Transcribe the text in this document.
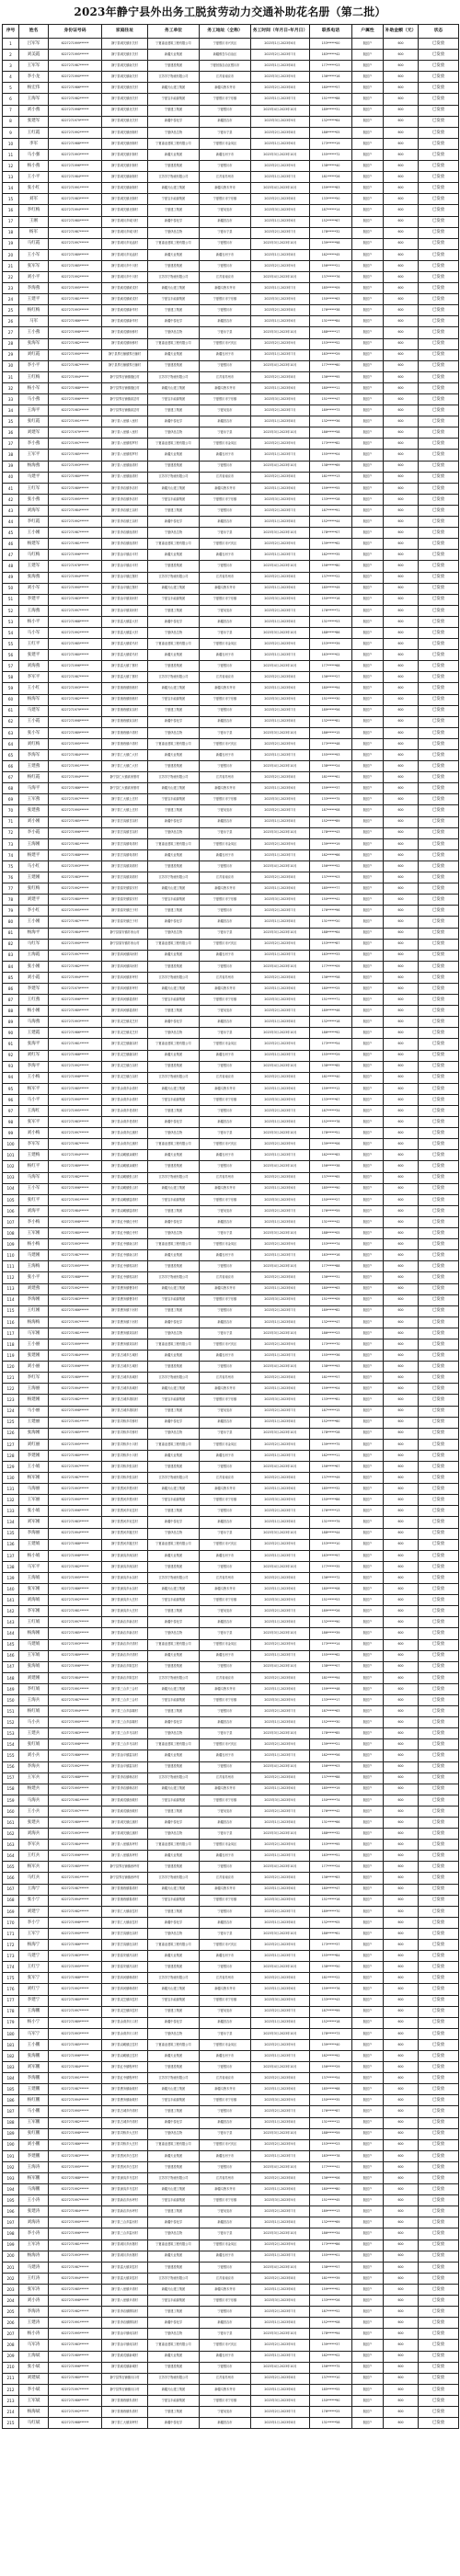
2023年静宁县外出务工脱贫劳动力交通补助花名册（第二批）
序号	姓名	身份证号码	家庭住址	务工单位	务工地址（全称）	务工时间（年月日-年月日）	联系电话	户属性	补助金额（元）	状态
1	吕军军	6227271999******	静宁县城关镇东关村	宁夏嘉业建筑工程有限公司	宁夏银川市兴庆区	2023年1月-2023年6月	153******00	脱贫户	600	已发放
2	刘美霞	6227271995******	静宁县城关镇东关村	新疆天业集团	新疆维吾尔自治区	2023年2月-2023年7月	183******42	脱贫户	600	已发放
3	王军军	6227271987******	静宁县城关镇南关村	宁夏建投集团	宁夏回族自治区银川市	2023年1月-2023年8月	177******23	脱贫户	600	已发放
4	李小龙	6227271990******	静宁县城关镇南关村	江苏苏宁物流有限公司	江苏省南京市	2023年3月-2023年9月	136******16	脱贫户	600	已发放
5	杨宏伟	6227271986******	静宁县城关镇西关村	新疆天山建工集团	新疆乌鲁木齐市	2023年2月-2023年8月	180******57	脱贫户	600	已发放
6	王海军	6227271982******	静宁县城关镇西关村	宁夏宝丰能源集团	宁夏银川市宁东镇	2023年1月-2023年7月	151******88	脱贫户	600	已发放
7	刘小燕	6227271998******	静宁县城关镇北关村	宁夏建工集团	宁夏银川市	2023年4月-2023年10月	189******31	脱贫户	600	已发放
8	张建军	6227271979******	静宁县城关镇北关村	新疆中泰化学	新疆昌吉市	2023年3月-2023年9月	132******64	脱贫户	600	已发放
9	王红霞	6227271992******	静宁县城关镇西街村	宁夏伊品生物	宁夏永宁县	2023年2月-2023年8月	186******05	脱贫户	600	已发放
10	李军	6227271988******	静宁县城关镇西街村	宁夏嘉业建筑工程有限公司	宁夏银川市金凤区	2023年1月-2023年6月	173******19	脱贫户	600	已发放
11	马小强	6227271993******	静宁县城关镇东街村	新疆天业集团	新疆石河子市	2023年3月-2023年10月	155******72	脱贫户	600	已发放
12	杨小燕	6227271996******	静宁县城关镇东街村	宁夏建投集团	宁夏银川市	2023年2月-2023年9月	138******40	脱贫户	600	已发放
13	王小平	6227271984******	静宁县城关镇南街村	江苏苏宁物流有限公司	江苏省苏州市	2023年1月-2023年7月	181******26	脱贫户	600	已发放
14	张小红	6227271991******	静宁县城关镇南街村	新疆天山建工集团	新疆乌鲁木齐市	2023年4月-2023年10月	159******83	脱贫户	600	已发放
15	刘军	6227271983******	静宁县城关镇北街村	宁夏宝丰能源集团	宁夏银川市宁东镇	2023年2月-2023年8月	133******50	脱贫户	600	已发放
16	李红梅	6227271994******	静宁县城关镇北街村	宁夏建工集团	宁夏吴忠市	2023年3月-2023年9月	187******14	脱贫户	600	已发放
17	王刚	6227271980******	静宁县城川乡城川村	新疆中泰化学	新疆昌吉市	2023年1月-2023年6月	152******67	脱贫户	600	已发放
18	杨军	6227271987******	静宁县城川乡城川村	宁夏伊品生物	宁夏永宁县	2023年2月-2023年7月	178******32	脱贫户	600	已发放
19	马红霞	6227271997******	静宁县城川乡吴庙村	宁夏嘉业建筑工程有限公司	宁夏银川市	2023年3月-2023年10月	139******98	脱贫户	600	已发放
20	王小军	6227271989******	静宁县城川乡吴庙村	新疆天业集团	新疆石河子市	2023年1月-2023年8月	182******45	脱贫户	600	已发放
21	张军军	6227271985******	静宁县城川乡中川村	宁夏建投集团	宁夏银川市	2023年2月-2023年9月	156******21	脱贫户	600	已发放
22	刘小平	6227271992******	静宁县城川乡中川村	江苏苏宁物流有限公司	江苏省南京市	2023年4月-2023年10月	137******76	脱贫户	600	已发放
23	李海燕	6227271995******	静宁县威戎镇威戎村	新疆天山建工集团	新疆乌鲁木齐市	2023年1月-2023年7月	185******09	脱贫户	600	已发放
24	王建平	6227271981******	静宁县威戎镇威戎村	宁夏宝丰能源集团	宁夏银川市宁东镇	2023年3月-2023年9月	150******63	脱贫户	600	已发放
25	杨红梅	6227271993******	静宁县威戎镇新华村	宁夏建工集团	宁夏银川市	2023年2月-2023年8月	176******38	脱贫户	600	已发放
26	马军	6227271986******	静宁县威戎镇新华村	新疆中泰化学	新疆昌吉市	2023年1月-2023年6月	131******84	脱贫户	600	已发放
27	王小燕	6227271998******	静宁县威戎镇杨桥村	宁夏伊品生物	宁夏永宁县	2023年3月-2023年10月	188******17	脱贫户	600	已发放
28	张海军	6227271982******	静宁县威戎镇杨桥村	宁夏嘉业建筑工程有限公司	宁夏银川市兴庆区	2023年2月-2023年9月	153******52	脱贫户	600	已发放
29	刘红霞	6227271990******	静宁县界石铺镇界石铺村	新疆天业集团	新疆石河子市	2023年1月-2023年7月	183******29	脱贫户	600	已发放
30	李小平	6227271987******	静宁县界石铺镇界石铺村	宁夏建投集团	宁夏银川市	2023年4月-2023年10月	177******60	脱贫户	600	已发放
31	王红梅	6227271994******	静宁县界石铺镇继红村	江苏苏宁物流有限公司	江苏省苏州市	2023年2月-2023年8月	136******95	脱贫户	600	已发放
32	杨小军	6227271988******	静宁县界石铺镇继红村	新疆天山建工集团	新疆乌鲁木齐市	2023年1月-2023年6月	180******11	脱贫户	600	已发放
33	马小燕	6227271996******	静宁县界石铺镇高岔村	宁夏宝丰能源集团	宁夏银川市宁东镇	2023年3月-2023年9月	151******47	脱贫户	600	已发放
34	王海平	6227271983******	静宁县界石铺镇高岔村	宁夏建工集团	宁夏吴忠市	2023年2月-2023年7月	189******73	脱贫户	600	已发放
35	张红霞	6227271991******	静宁县八里镇八里村	新疆中泰化学	新疆昌吉市	2023年1月-2023年8月	132******36	脱贫户	600	已发放
36	刘建军	6227271979******	静宁县八里镇八里村	宁夏伊品生物	宁夏永宁县	2023年3月-2023年10月	186******58	脱贫户	600	已发放
37	李小燕	6227271997******	静宁县八里镇郭罗村	宁夏嘉业建筑工程有限公司	宁夏银川市金凤区	2023年2月-2023年9月	173******82	脱贫户	600	已发放
38	王军平	6227271985******	静宁县八里镇郭罗村	新疆天业集团	新疆石河子市	2023年1月-2023年7月	155******04	脱贫户	600	已发放
39	杨海燕	6227271993******	静宁县八里镇崖湾村	宁夏建投集团	宁夏银川市	2023年4月-2023年10月	138******69	脱贫户	600	已发放
40	马建平	6227271980******	静宁县八里镇崖湾村	江苏苏宁物流有限公司	江苏省南京市	2023年2月-2023年8月	181******13	脱贫户	600	已发放
41	王红军	6227271989******	静宁县李店镇李店村	新疆天山建工集团	新疆乌鲁木齐市	2023年1月-2023年6月	159******55	脱贫户	600	已发放
42	张小燕	6227271995******	静宁县李店镇李店村	宁夏宝丰能源集团	宁夏银川市宁东镇	2023年3月-2023年9月	133******28	脱贫户	600	已发放
43	刘海军	6227271984******	静宁县李店镇王沟村	宁夏建工集团	宁夏银川市	2023年2月-2023年7月	187******91	脱贫户	600	已发放
44	李红霞	6227271992******	静宁县李店镇王沟村	新疆中泰化学	新疆昌吉市	2023年1月-2023年8月	152******44	脱贫户	600	已发放
45	王小刚	6227271987******	静宁县李店镇庞湾村	宁夏伊品生物	宁夏永宁县	2023年3月-2023年10月	178******07	脱贫户	600	已发放
46	杨建军	6227271981******	静宁县李店镇庞湾村	宁夏嘉业建筑工程有限公司	宁夏银川市兴庆区	2023年2月-2023年9月	139******62	脱贫户	600	已发放
47	马红梅	6227271996******	静宁县治平镇治平村	新疆天业集团	新疆石河子市	2023年1月-2023年7月	182******35	脱贫户	600	已发放
48	王建军	6227271978******	静宁县治平镇治平村	宁夏建投集团	宁夏银川市	2023年4月-2023年10月	156******80	脱贫户	600	已发放
49	张海燕	6227271994******	静宁县治平镇红堡村	江苏苏宁物流有限公司	江苏省苏州市	2023年2月-2023年8月	137******22	脱贫户	600	已发放
50	刘小军	6227271990******	静宁县治平镇红堡村	新疆天山建工集团	新疆乌鲁木齐市	2023年1月-2023年6月	185******49	脱贫户	600	已发放
51	李建平	6227271983******	静宁县治平镇刘河村	宁夏宝丰能源集团	宁夏银川市宁东镇	2023年3月-2023年9月	150******16	脱贫户	600	已发放
52	王海燕	6227271997******	静宁县治平镇刘河村	宁夏建工集团	宁夏吴忠市	2023年2月-2023年7月	176******71	脱贫户	600	已发放
53	杨小平	6227271988******	静宁县雷大镇雷大村	新疆中泰化学	新疆昌吉市	2023年1月-2023年8月	131******53	脱贫户	600	已发放
54	马小军	6227271992******	静宁县雷大镇雷大村	宁夏伊品生物	宁夏永宁县	2023年3月-2023年10月	188******86	脱贫户	600	已发放
55	王红平	6227271985******	静宁县雷大镇梁马村	宁夏嘉业建筑工程有限公司	宁夏银川市金凤区	2023年2月-2023年9月	153******39	脱贫户	600	已发放
56	张建平	6227271980******	静宁县雷大镇梁马村	新疆天业集团	新疆石河子市	2023年1月-2023年7月	183******02	脱贫户	600	已发放
57	刘海燕	6227271996******	静宁县雷大镇丁寨村	宁夏建投集团	宁夏银川市	2023年4月-2023年10月	177******68	脱贫户	600	已发放
58	李军平	6227271987******	静宁县雷大镇丁寨村	江苏苏宁物流有限公司	江苏省南京市	2023年2月-2023年8月	136******27	脱贫户	600	已发放
59	王小红	6227271993******	静宁县细巷镇细巷村	新疆天山建工集团	新疆乌鲁木齐市	2023年1月-2023年6月	180******94	脱贫户	600	已发放
60	杨海军	6227271982******	静宁县细巷镇细巷村	宁夏宝丰能源集团	宁夏银川市宁东镇	2023年3月-2023年9月	151******30	脱贫户	600	已发放
61	马建军	6227271979******	静宁县细巷镇宋沟村	宁夏建工集团	宁夏银川市	2023年2月-2023年7月	189******56	脱贫户	600	已发放
62	王小霞	6227271998******	静宁县细巷镇宋沟村	新疆中泰化学	新疆昌吉市	2023年1月-2023年8月	132******81	脱贫户	600	已发放
63	张小军	6227271989******	静宁县细巷镇卢湾村	宁夏伊品生物	宁夏永宁县	2023年3月-2023年10月	186******15	脱贫户	600	已发放
64	刘红梅	6227271995******	静宁县细巷镇卢湾村	宁夏嘉业建筑工程有限公司	宁夏银川市兴庆区	2023年2月-2023年9月	173******48	脱贫户	600	已发放
65	李海军	6227271984******	静宁县仁大镇仁大村	新疆天业集团	新疆石河子市	2023年1月-2023年7月	155******93	脱贫户	600	已发放
66	王建燕	6227271991******	静宁县仁大镇仁大村	宁夏建投集团	宁夏银川市	2023年4月-2023年10月	138******24	脱贫户	600	已发放
67	杨红霞	6227271994******	静宁县仁大镇高家堡村	江苏苏宁物流有限公司	江苏省苏州市	2023年2月-2023年8月	181******61	脱贫户	600	已发放
68	马海平	6227271986******	静宁县仁大镇高家堡村	新疆天山建工集团	新疆乌鲁木齐市	2023年1月-2023年6月	159******37	脱贫户	600	已发放
69	王军燕	6227271997******	静宁县仁大镇上庄村	宁夏宝丰能源集团	宁夏银川市宁东镇	2023年3月-2023年9月	133******75	脱贫户	600	已发放
70	张建燕	6227271990******	静宁县仁大镇上庄村	宁夏建工集团	宁夏吴忠市	2023年2月-2023年7月	187******08	脱贫户	600	已发放
71	刘小刚	6227271985******	静宁县甘沟镇甘沟村	新疆中泰化学	新疆昌吉市	2023年1月-2023年8月	152******89	脱贫户	600	已发放
72	李小霞	6227271996******	静宁县甘沟镇甘沟村	宁夏伊品生物	宁夏永宁县	2023年3月-2023年10月	178******43	脱贫户	600	已发放
73	王海刚	6227271981******	静宁县甘沟镇苟湾村	宁夏嘉业建筑工程有限公司	宁夏银川市金凤区	2023年2月-2023年9月	139******19	脱贫户	600	已发放
74	杨建平	6227271988******	静宁县甘沟镇苟湾村	新疆天业集团	新疆石河子市	2023年1月-2023年7月	182******66	脱贫户	600	已发放
75	马小红	6227271993******	静宁县甘沟镇刘湾村	宁夏建投集团	宁夏银川市	2023年4月-2023年10月	156******52	脱贫户	600	已发放
76	王建刚	6227271983******	静宁县甘沟镇刘湾村	江苏苏宁物流有限公司	江苏省南京市	2023年2月-2023年8月	137******03	脱贫户	600	已发放
77	张红梅	6227271992******	静宁县原安镇原安村	新疆天山建工集团	新疆乌鲁木齐市	2023年1月-2023年6月	185******77	脱贫户	600	已发放
78	刘建平	6227271980******	静宁县原安镇原安村	宁夏宝丰能源集团	宁夏银川市宁东镇	2023年3月-2023年9月	150******41	脱贫户	600	已发放
79	李小红	6227271995******	静宁县原安镇庄子村	宁夏建工集团	宁夏银川市	2023年2月-2023年7月	176******96	脱贫户	600	已发放
80	王小刚	6227271987******	静宁县原安镇庄子村	新疆中泰化学	新疆昌吉市	2023年1月-2023年8月	131******20	脱贫户	600	已发放
81	杨海平	6227271984******	静宁县原安镇苏家山村	宁夏伊品生物	宁夏永宁县	2023年3月-2023年10月	188******64	脱贫户	600	已发放
82	马红军	6227271990******	静宁县原安镇苏家山村	宁夏嘉业建筑工程有限公司	宁夏银川市兴庆区	2023年2月-2023年9月	153******87	脱贫户	600	已发放
83	王海霞	6227271997******	静宁县四河镇四河村	新疆天业集团	新疆石河子市	2023年1月-2023年7月	183******33	脱贫户	600	已发放
84	张小刚	6227271982******	静宁县四河镇四河村	宁夏建投集团	宁夏银川市	2023年4月-2023年10月	177******09	脱贫户	600	已发放
85	刘小霞	6227271994******	静宁县四河镇常坪村	江苏苏宁物流有限公司	江苏省苏州市	2023年2月-2023年8月	136******58	脱贫户	600	已发放
86	李建军	6227271979******	静宁县四河镇常坪村	新疆天山建工集团	新疆乌鲁木齐市	2023年1月-2023年6月	180******25	脱贫户	600	已发放
87	王红燕	6227271996******	静宁县四河镇裴湾村	宁夏宝丰能源集团	宁夏银川市宁东镇	2023年3月-2023年9月	151******71	脱贫户	600	已发放
88	杨小刚	6227271989******	静宁县四河镇裴湾村	宁夏建工集团	宁夏吴忠市	2023年2月-2023年7月	189******46	脱贫户	600	已发放
89	马海燕	6227271993******	静宁县灵芝镇灵芝村	新疆中泰化学	新疆昌吉市	2023年1月-2023年8月	132******18	脱贫户	600	已发放
90	王建霞	6227271986******	静宁县灵芝镇灵芝村	宁夏伊品生物	宁夏永宁县	2023年3月-2023年10月	186******92	脱贫户	600	已发放
91	张海平	6227271981******	静宁县灵芝镇谢沟村	宁夏嘉业建筑工程有限公司	宁夏银川市金凤区	2023年2月-2023年9月	173******54	脱贫户	600	已发放
92	刘红军	6227271988******	静宁县灵芝镇谢沟村	新疆天业集团	新疆石河子市	2023年1月-2023年7月	155******29	脱贫户	600	已发放
93	李海平	6227271992******	静宁县灵芝镇白沟村	宁夏建投集团	宁夏银川市	2023年4月-2023年10月	138******85	脱贫户	600	已发放
94	王小梅	6227271998******	静宁县灵芝镇白沟村	江苏苏宁物流有限公司	江苏省南京市	2023年2月-2023年8月	181******40	脱贫户	600	已发放
95	杨军平	6227271985******	静宁县余湾乡余湾村	新疆天山建工集团	新疆乌鲁木齐市	2023年1月-2023年6月	159******12	脱贫户	600	已发放
96	马小平	6227271990******	静宁县余湾乡余湾村	宁夏宝丰能源集团	宁夏银川市宁东镇	2023年3月-2023年9月	133******67	脱贫户	600	已发放
97	王海红	6227271995******	静宁县余湾乡老湾村	宁夏建工集团	宁夏银川市	2023年2月-2023年7月	187******34	脱贫户	600	已发放
98	张军平	6227271983******	静宁县余湾乡老湾村	新疆中泰化学	新疆昌吉市	2023年1月-2023年8月	152******78	脱贫户	600	已发放
99	刘小梅	6227271997******	静宁县余湾乡红旗村	宁夏伊品生物	宁夏永宁县	2023年3月-2023年10月	178******51	脱贫户	600	已发放
100	李军军	6227271987******	静宁县余湾乡红旗村	宁夏嘉业建筑工程有限公司	宁夏银川市兴庆区	2023年2月-2023年9月	139******06	脱贫户	600	已发放
101	王建梅	6227271994******	静宁县双岘镇双岘村	新疆天业集团	新疆石河子市	2023年1月-2023年7月	182******83	脱贫户	600	已发放
102	杨红平	6227271989******	静宁县双岘镇双岘村	宁夏建投集团	宁夏银川市	2023年4月-2023年10月	156******38	脱贫户	600	已发放
103	马海军	6227271982******	静宁县双岘镇张屲村	江苏苏宁物流有限公司	江苏省苏州市	2023年2月-2023年8月	137******65	脱贫户	600	已发放
104	王小军	6227271996******	静宁县双岘镇张屲村	新疆天山建工集团	新疆乌鲁木齐市	2023年1月-2023年6月	185******90	脱贫户	600	已发放
105	张红平	6227271991******	静宁县双岘镇屈湾村	宁夏宝丰能源集团	宁夏银川市宁东镇	2023年3月-2023年9月	150******27	脱贫户	600	已发放
106	刘海平	6227271984******	静宁县双岘镇屈湾村	宁夏建工集团	宁夏吴忠市	2023年2月-2023年7月	176******59	脱贫户	600	已发放
107	李小梅	6227271998******	静宁县红寺镇红寺村	新疆中泰化学	新疆昌吉市	2023年1月-2023年8月	131******42	脱贫户	600	已发放
108	王军刚	6227271980******	静宁县红寺镇红寺村	宁夏伊品生物	宁夏永宁县	2023年3月-2023年10月	188******05	脱贫户	600	已发放
109	杨小梅	6227271993******	静宁县红寺镇南屲村	宁夏嘉业建筑工程有限公司	宁夏银川市金凤区	2023年2月-2023年9月	153******74	脱贫户	600	已发放
110	马建刚	6227271987******	静宁县红寺镇南屲村	新疆天业集团	新疆石河子市	2023年1月-2023年7月	183******16	脱贫户	600	已发放
111	王海梅	6227271995******	静宁县红寺镇郭沟村	宁夏建投集团	宁夏银川市	2023年4月-2023年10月	177******88	脱贫户	600	已发放
112	张小平	6227271988******	静宁县红寺镇郭沟村	江苏苏宁物流有限公司	江苏省南京市	2023年2月-2023年8月	136******31	脱贫户	600	已发放
113	刘建燕	6227271992******	静宁县曹务镇曹务村	新疆天山建工集团	新疆乌鲁木齐市	2023年1月-2023年6月	180******63	脱贫户	600	已发放
114	李海刚	6227271983******	静宁县曹务镇曹务村	宁夏宝丰能源集团	宁夏银川市宁东镇	2023年3月-2023年9月	151******09	脱贫户	600	已发放
115	王红刚	6227271986******	静宁县曹务镇下河村	宁夏建工集团	宁夏银川市	2023年2月-2023年7月	189******82	脱贫户	600	已发放
116	杨海梅	6227271997******	静宁县曹务镇下河村	新疆中泰化学	新疆昌吉市	2023年1月-2023年8月	132******47	脱贫户	600	已发放
117	马军刚	6227271981******	静宁县曹务镇刘沟村	宁夏伊品生物	宁夏永宁县	2023年3月-2023年10月	186******23	脱贫户	600	已发放
118	王小丽	6227271999******	静宁县曹务镇刘沟村	宁夏嘉业建筑工程有限公司	宁夏银川市兴庆区	2023年2月-2023年9月	173******70	脱贫户	600	已发放
119	张建刚	6227271984******	静宁县古城乡古城村	新疆天业集团	新疆石河子市	2023年1月-2023年7月	155******36	脱贫户	600	已发放
120	刘小丽	6227271996******	静宁县古城乡古城村	宁夏建投集团	宁夏银川市	2023年4月-2023年10月	138******93	脱贫户	600	已发放
121	李红军	6227271989******	静宁县古城乡高城村	江苏苏宁物流有限公司	江苏省苏州市	2023年2月-2023年8月	181******57	脱贫户	600	已发放
122	王海丽	6227271994******	静宁县古城乡高城村	新疆天山建工集团	新疆乌鲁木齐市	2023年1月-2023年6月	159******04	脱贫户	600	已发放
123	杨建刚	6227271982******	静宁县古城乡胡同村	宁夏宝丰能源集团	宁夏银川市宁东镇	2023年3月-2023年9月	133******81	脱贫户	600	已发放
124	马小丽	6227271998******	静宁县古城乡胡同村	宁夏建工集团	宁夏吴忠市	2023年2月-2023年7月	187******15	脱贫户	600	已发放
125	王建丽	6227271991******	静宁县司桥乡司桥村	新疆中泰化学	新疆昌吉市	2023年1月-2023年8月	152******60	脱贫户	600	已发放
126	张海刚	6227271985******	静宁县司桥乡司桥村	宁夏伊品生物	宁夏永宁县	2023年3月-2023年10月	178******28	脱贫户	600	已发放
127	刘红丽	6227271995******	静宁县司桥乡小川村	宁夏嘉业建筑工程有限公司	宁夏银川市金凤区	2023年2月-2023年9月	139******75	脱贫户	600	已发放
128	李建刚	6227271980******	静宁县司桥乡小川村	新疆天业集团	新疆石河子市	2023年1月-2023年7月	182******11	脱贫户	600	已发放
129	王小娟	6227271997******	静宁县司桥乡张沟村	宁夏建投集团	宁夏银川市	2023年4月-2023年10月	156******67	脱贫户	600	已发放
130	杨军刚	6227271987******	静宁县司桥乡张沟村	江苏苏宁物流有限公司	江苏省南京市	2023年2月-2023年8月	137******49	脱贫户	600	已发放
131	马海丽	6227271993******	静宁县贾河乡贾河村	新疆天山建工集团	新疆乌鲁木齐市	2023年1月-2023年6月	185******32	脱贫户	600	已发放
132	王军丽	6227271990******	静宁县贾河乡贾河村	宁夏宝丰能源集团	宁夏银川市宁东镇	2023年3月-2023年9月	150******86	脱贫户	600	已发放
133	张小娟	6227271996******	静宁县贾河乡吴岔村	宁夏建工集团	宁夏银川市	2023年2月-2023年7月	176******13	脱贫户	600	已发放
134	刘军刚	6227271983******	静宁县贾河乡吴岔村	新疆中泰化学	新疆昌吉市	2023年1月-2023年8月	131******79	脱贫户	600	已发放
135	李海丽	6227271994******	静宁县贾河乡雒庄村	宁夏伊品生物	宁夏永宁县	2023年3月-2023年10月	188******44	脱贫户	600	已发放
136	王建娟	6227271988******	静宁县贾河乡雒庄村	宁夏嘉业建筑工程有限公司	宁夏银川市兴庆区	2023年2月-2023年9月	153******10	脱贫户	600	已发放
137	杨小娟	6227271998******	静宁县深沟乡深沟村	新疆天业集团	新疆石河子市	2023年1月-2023年7月	183******97	脱贫户	600	已发放
138	马军平	6227271982******	静宁县深沟乡深沟村	宁夏建投集团	宁夏银川市	2023年4月-2023年10月	177******35	脱贫户	600	已发放
139	王海娟	6227271995******	静宁县深沟乡水沟村	江苏苏宁物流有限公司	江苏省苏州市	2023年2月-2023年8月	136******72	脱贫户	600	已发放
140	张军刚	6227271986******	静宁县深沟乡水沟村	新疆天山建工集团	新疆乌鲁木齐市	2023年1月-2023年6月	180******08	脱贫户	600	已发放
141	刘海娟	6227271992******	静宁县深沟乡大庄村	宁夏宝丰能源集团	宁夏银川市宁东镇	2023年3月-2023年9月	151******53	脱贫户	600	已发放
142	李军刚	6227271981******	静宁县深沟乡大庄村	宁夏建工集团	宁夏吴忠市	2023年2月-2023年7月	189******26	脱贫户	600	已发放
143	王红娟	6227271997******	静宁县新店乡新店村	新疆中泰化学	新疆昌吉市	2023年1月-2023年8月	132******90	脱贫户	600	已发放
144	杨海刚	6227271985******	静宁县新店乡新店村	宁夏伊品生物	宁夏永宁县	2023年3月-2023年10月	186******39	脱贫户	600	已发放
145	马建娟	6227271993******	静宁县新店乡伏湾村	宁夏嘉业建筑工程有限公司	宁夏银川市金凤区	2023年2月-2023年9月	173******14	脱贫户	600	已发放
146	王军娟	6227271989******	静宁县新店乡伏湾村	新疆天业集团	新疆石河子市	2023年1月-2023年7月	155******62	脱贫户	600	已发放
147	张海娟	6227271996******	静宁县新店乡陈岔村	宁夏建投集团	宁夏银川市	2023年4月-2023年10月	138******07	脱贫户	600	已发放
148	刘建刚	6227271984******	静宁县新店乡陈岔村	江苏苏宁物流有限公司	江苏省南京市	2023年2月-2023年8月	181******94	脱贫户	600	已发放
149	李红娟	6227271991******	静宁县三合乡三合村	新疆天山建工集团	新疆乌鲁木齐市	2023年1月-2023年6月	159******48	脱贫户	600	已发放
150	王海兵	6227271987******	静宁县三合乡三合村	宁夏宝丰能源集团	宁夏银川市宁东镇	2023年3月-2023年9月	133******17	脱贫户	600	已发放
151	杨红娟	6227271994******	静宁县三合乡邵塬村	宁夏建工集团	宁夏银川市	2023年2月-2023年7月	187******63	脱贫户	600	已发放
152	马小兵	6227271990******	静宁县三合乡邵塬村	新疆中泰化学	新疆昌吉市	2023年1月-2023年8月	152******30	脱贫户	600	已发放
153	王建兵	6227271983******	静宁县三合乡马沟村	宁夏伊品生物	宁夏永宁县	2023年3月-2023年10月	178******85	脱贫户	600	已发放
154	张红娟	6227271998******	静宁县三合乡马沟村	宁夏嘉业建筑工程有限公司	宁夏银川市兴庆区	2023年2月-2023年9月	139******21	脱贫户	600	已发放
155	刘小兵	6227271986******	静宁县治平镇雷沟村	新疆天业集团	新疆石河子市	2023年1月-2023年7月	182******56	脱贫户	600	已发放
156	李海兵	6227271992******	静宁县治平镇雷沟村	宁夏建投集团	宁夏银川市	2023年4月-2023年10月	156******03	脱贫户	600	已发放
157	王军兵	6227271988******	静宁县李店镇韩店村	江苏苏宁物流有限公司	江苏省苏州市	2023年2月-2023年8月	137******88	脱贫户	600	已发放
158	杨建兵	6227271995******	静宁县李店镇韩店村	新疆天山建工集团	新疆乌鲁木齐市	2023年1月-2023年6月	185******19	脱贫户	600	已发放
159	马海兵	6227271981******	静宁县威戎镇西坡村	宁夏宝丰能源集团	宁夏银川市宁东镇	2023年3月-2023年9月	150******74	脱贫户	600	已发放
160	王小兵	6227271997******	静宁县威戎镇西坡村	宁夏建工集团	宁夏吴忠市	2023年2月-2023年7月	176******42	脱贫户	600	已发放
161	张建兵	6227271989******	静宁县城关镇红旗村	新疆中泰化学	新疆昌吉市	2023年1月-2023年8月	131******66	脱贫户	600	已发放
162	刘海兵	6227271993******	静宁县城关镇红旗村	宁夏伊品生物	宁夏永宁县	2023年3月-2023年10月	188******32	脱贫户	600	已发放
163	李军兵	6227271984******	静宁县八里镇高坪村	宁夏嘉业建筑工程有限公司	宁夏银川市金凤区	2023年2月-2023年9月	153******95	脱贫户	600	已发放
164	王红兵	6227271996******	静宁县八里镇高坪村	新疆天业集团	新疆石河子市	2023年1月-2023年7月	183******51	脱贫户	600	已发放
165	杨军兵	6227271985******	静宁县界石铺镇西坪村	宁夏建投集团	宁夏银川市	2023年4月-2023年10月	177******24	脱贫户	600	已发放
166	马红兵	6227271991******	静宁县界石铺镇西坪村	江苏苏宁物流有限公司	江苏省南京市	2023年2月-2023年8月	136******83	脱贫户	600	已发放
167	王海宁	6227271987******	静宁县细巷镇秦湾村	新疆天山建工集团	新疆乌鲁木齐市	2023年1月-2023年6月	180******47	脱贫户	600	已发放
168	张小宁	6227271994******	静宁县细巷镇秦湾村	宁夏宝丰能源集团	宁夏银川市宁东镇	2023年3月-2023年9月	151******16	脱贫户	600	已发放
169	刘建宁	6227271982******	静宁县仁大镇前岔村	宁夏建工集团	宁夏银川市	2023年2月-2023年7月	189******70	脱贫户	600	已发放
170	李小宁	6227271998******	静宁县仁大镇前岔村	新疆中泰化学	新疆昌吉市	2023年1月-2023年8月	132******05	脱贫户	600	已发放
171	王军宁	6227271990******	静宁县甘沟镇杜沟村	宁夏伊品生物	宁夏永宁县	2023年3月-2023年10月	186******61	脱贫户	600	已发放
172	杨海宁	6227271986******	静宁县甘沟镇杜沟村	宁夏嘉业建筑工程有限公司	宁夏银川市兴庆区	2023年2月-2023年9月	173******37	脱贫户	600	已发放
173	马建宁	6227271983******	静宁县原安镇冯沟村	新疆天业集团	新疆石河子市	2023年1月-2023年7月	155******84	脱贫户	600	已发放
174	王红宁	6227271995******	静宁县原安镇冯沟村	宁夏建投集团	宁夏银川市	2023年4月-2023年10月	138******50	脱贫户	600	已发放
175	张军宁	6227271988******	静宁县四河镇韩湾村	江苏苏宁物流有限公司	江苏省苏州市	2023年2月-2023年8月	181******22	脱贫户	600	已发放
176	刘红宁	6227271992******	静宁县四河镇韩湾村	新疆天山建工集团	新疆乌鲁木齐市	2023年1月-2023年6月	159******76	脱贫户	600	已发放
177	李建宁	6227271980******	静宁县灵芝镇四岔村	宁夏宝丰能源集团	宁夏银川市宁东镇	2023年3月-2023年9月	133******43	脱贫户	600	已发放
178	王海鹏	6227271997******	静宁县灵芝镇四岔村	宁夏建工集团	宁夏吴忠市	2023年2月-2023年7月	187******99	脱贫户	600	已发放
179	杨小宁	6227271989******	静宁县余湾乡川口村	新疆中泰化学	新疆昌吉市	2023年1月-2023年8月	152******18	脱贫户	600	已发放
180	马军宁	6227271993******	静宁县余湾乡川口村	宁夏伊品生物	宁夏永宁县	2023年3月-2023年10月	178******73	脱贫户	600	已发放
181	王小鹏	6227271985******	静宁县双岘镇边岔村	宁夏嘉业建筑工程有限公司	宁夏银川市金凤区	2023年2月-2023年9月	139******40	脱贫户	600	已发放
182	张海鹏	6227271996******	静宁县双岘镇边岔村	新疆天业集团	新疆石河子市	2023年1月-2023年7月	182******92	脱贫户	600	已发放
183	刘军鹏	6227271984******	静宁县红寺镇程坪村	宁夏建投集团	宁夏银川市	2023年4月-2023年10月	156******29	脱贫户	600	已发放
184	李海鹏	6227271991******	静宁县红寺镇程坪村	江苏苏宁物流有限公司	江苏省南京市	2023年2月-2023年8月	137******54	脱贫户	600	已发放
185	王建鹏	6227271987******	静宁县曹务镇南坡村	新疆天山建工集团	新疆乌鲁木齐市	2023年1月-2023年6月	185******68	脱贫户	600	已发放
186	杨红鹏	6227271994******	静宁县曹务镇南坡村	宁夏宝丰能源集团	宁夏银川市宁东镇	2023年3月-2023年9月	150******35	脱贫户	600	已发放
187	马小鹏	6227271990******	静宁县古城乡许湾村	宁夏建工集团	宁夏银川市	2023年2月-2023年7月	176******87	脱贫户	600	已发放
188	王军鹏	6227271982******	静宁县古城乡许湾村	新疆中泰化学	新疆昌吉市	2023年1月-2023年8月	131******12	脱贫户	600	已发放
189	张红鹏	6227271998******	静宁县司桥乡大庄村	宁夏伊品生物	宁夏永宁县	2023年3月-2023年10月	188******59	脱贫户	600	已发放
190	刘小鹏	6227271986******	静宁县司桥乡大庄村	宁夏嘉业建筑工程有限公司	宁夏银川市兴庆区	2023年2月-2023年9月	153******23	脱贫户	600	已发放
191	李建鹏	6227271983******	静宁县贾河乡白岔村	新疆天业集团	新疆石河子市	2023年1月-2023年7月	183******78	脱贫户	600	已发放
192	王海涛	6227271995******	静宁县贾河乡白岔村	宁夏建投集团	宁夏银川市	2023年4月-2023年10月	177******41	脱贫户	600	已发放
193	杨军鹏	6227271988******	静宁县深沟乡马岔村	江苏苏宁物流有限公司	江苏省苏州市	2023年2月-2023年8月	136******06	脱贫户	600	已发放
194	马海鹏	6227271992******	静宁县深沟乡马岔村	新疆天山建工集团	新疆乌鲁木齐市	2023年1月-2023年6月	180******80	脱贫户	600	已发放
195	王小涛	6227271997******	静宁县新店乡孙坪村	宁夏宝丰能源集团	宁夏银川市宁东镇	2023年3月-2023年9月	151******45	脱贫户	600	已发放
196	张建涛	6227271984******	静宁县新店乡孙坪村	宁夏建工集团	宁夏吴忠市	2023年2月-2023年7月	189******13	脱贫户	600	已发放
197	刘海涛	6227271990******	静宁县三合乡雷河村	新疆中泰化学	新疆昌吉市	2023年1月-2023年8月	132******69	脱贫户	600	已发放
198	李小涛	6227271996******	静宁县三合乡雷河村	宁夏伊品生物	宁夏永宁县	2023年3月-2023年10月	186******34	脱贫户	600	已发放
199	王军涛	6227271981******	静宁县城川乡孙堡村	宁夏嘉业建筑工程有限公司	宁夏银川市金凤区	2023年2月-2023年9月	173******86	脱贫户	600	已发放
200	杨海涛	6227271993******	静宁县城川乡孙堡村	新疆天业集团	新疆石河子市	2023年1月-2023年7月	155******01	脱贫户	600	已发放
201	马建涛	6227271987******	静宁县雷大镇刘岔村	宁夏建投集团	宁夏银川市	2023年4月-2023年10月	138******57	脱贫户	600	已发放
202	王红涛	6227271994******	静宁县雷大镇刘岔村	江苏苏宁物流有限公司	江苏省南京市	2023年2月-2023年8月	181******39	脱贫户	600	已发放
203	张军涛	6227271985******	静宁县八里镇尹湾村	新疆天山建工集团	新疆乌鲁木齐市	2023年1月-2023年6月	159******91	脱贫户	600	已发放
204	刘小涛	6227271998******	静宁县八里镇尹湾村	宁夏宝丰能源集团	宁夏银川市宁东镇	2023年3月-2023年9月	133******26	脱贫户	600	已发放
205	李海涛	6227271982******	静宁县李店镇柳沟村	宁夏建工集团	宁夏银川市	2023年2月-2023年7月	187******52	脱贫户	600	已发放
206	王建涛	6227271991******	静宁县李店镇柳沟村	新疆中泰化学	新疆昌吉市	2023年1月-2023年8月	152******08	脱贫户	600	已发放
207	杨小涛	6227271995******	静宁县治平镇何沟村	宁夏伊品生物	宁夏永宁县	2023年3月-2023年10月	178******94	脱贫户	600	已发放
208	马军涛	6227271983******	静宁县治平镇何沟村	宁夏嘉业建筑工程有限公司	宁夏银川市兴庆区	2023年2月-2023年9月	139******37	脱贫户	600	已发放
209	王海斌	6227271989******	静宁县威戎镇新城村	新疆天业集团	新疆石河子市	2023年1月-2023年7月	182******02	脱贫户	600	已发放
210	张小斌	6227271996******	静宁县威戎镇新城村	宁夏建投集团	宁夏银川市	2023年4月-2023年10月	156******75	脱贫户	600	已发放
211	刘建斌	6227271980******	静宁县界石铺镇川口村	江苏苏宁物流有限公司	江苏省苏州市	2023年2月-2023年8月	137******10	脱贫户	600	已发放
212	李小斌	6227271997******	静宁县界石铺镇川口村	新疆天山建工集团	新疆乌鲁木齐市	2023年1月-2023年6月	185******55	脱贫户	600	已发放
213	王军斌	6227271986******	静宁县细巷镇朱湾村	宁夏宝丰能源集团	宁夏银川市宁东镇	2023年3月-2023年9月	150******90	脱贫户	600	已发放
214	杨海斌	6227271992******	静宁县细巷镇朱湾村	宁夏建工集团	宁夏吴忠市	2023年2月-2023年7月	176******25	脱贫户	600	已发放
215	马红斌	6227271988******	静宁县仁大镇刘坪村	新疆中泰化学	新疆昌吉市	2023年1月-2023年8月	131******58	脱贫户	600	已发放
